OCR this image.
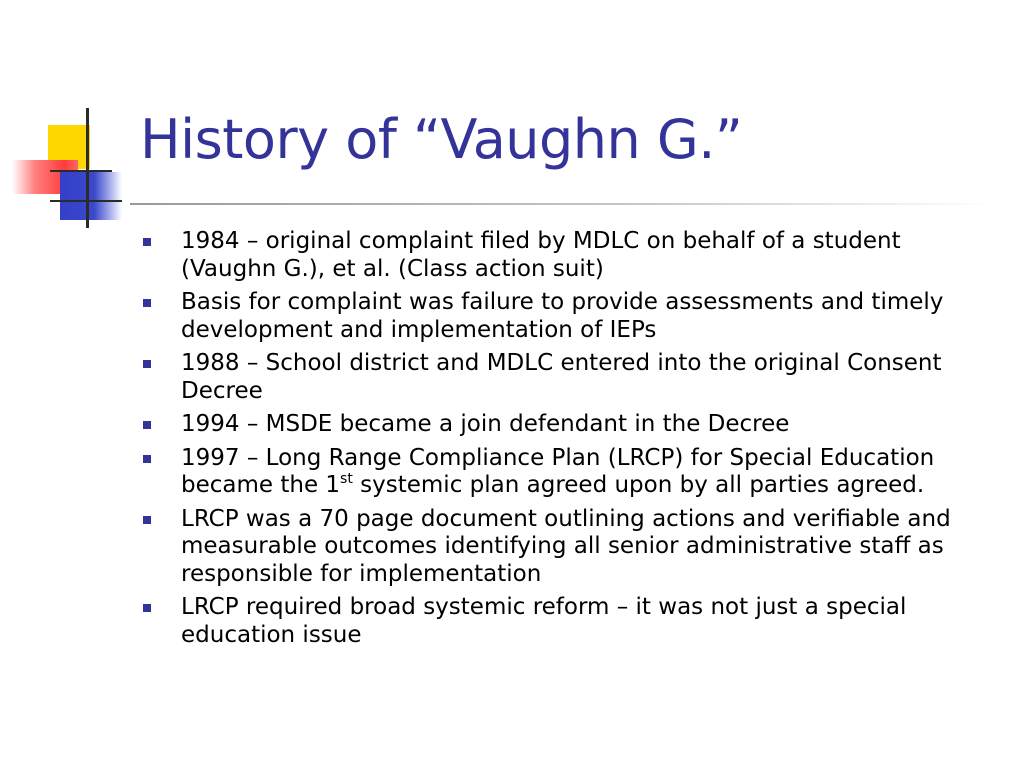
History of “Vaughn G.”
1984 – original complaint filed by MDLC on behalf of a student (Vaughn G.), et al. (Class action suit)
Basis for complaint was failure to provide assessments and timely development and implementation of IEPs
1988 – School district and MDLC entered into the original Consent Decree
1994 – MSDE became a join defendant in the Decree
1997 – Long Range Compliance Plan (LRCP) for Special Education became the 1st systemic plan agreed upon by all parties agreed.
LRCP was a 70 page document outlining actions and verifiable and measurable outcomes identifying all senior administrative staff as responsible for implementation
LRCP required broad systemic reform – it was not just a special education issue
